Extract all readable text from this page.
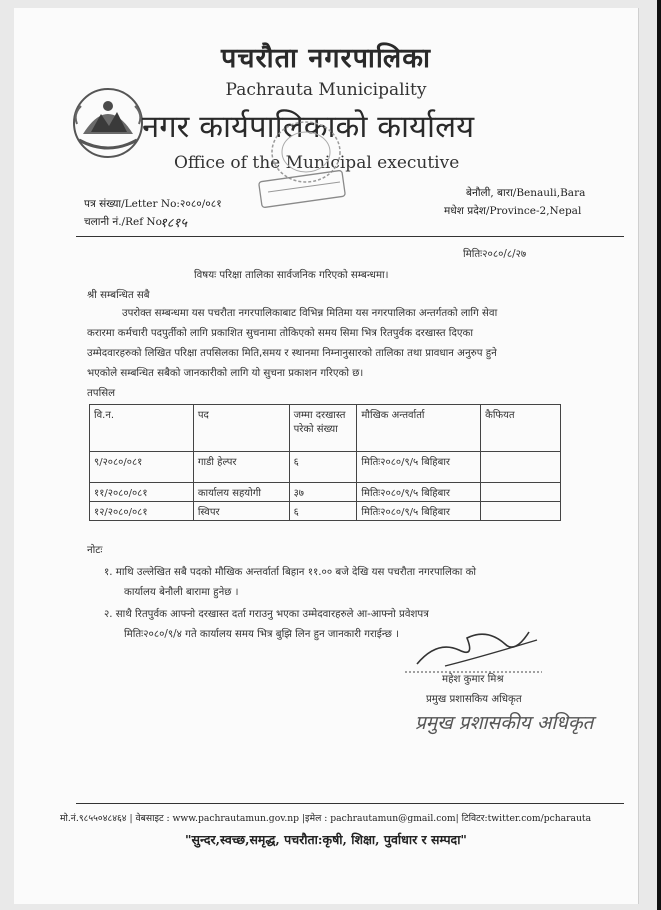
पचरौता नगरपालिका
Pachrauta Municipality
नगर कार्यपालिकाको कार्यालय
Office of the Municipal executive
पत्र संख्या/Letter No:२०८०/०८१
चलानी नं./Ref No:
१८१५
बेनौली, बारा/Benauli,Bara
मधेश प्रदेश/Province-2,Nepal
मितिः२०८०/८/२७
विषयः परिक्षा तालिका सार्वजनिक गरिएको सम्बन्धमा।
श्री सम्बन्धित सबै
उपरोक्त सम्बन्धमा यस पचरौता नगरपालिकाबाट विभिन्न मितिमा यस नगरपालिका अन्तर्गतको लागि सेवा
करारमा कर्मचारी पदपुर्तीको लागि प्रकाशित सुचनामा तोकिएको समय सिमा भित्र रितपुर्वक दरखास्त दिएका
उम्मेदवारहरुको लिखित परिक्षा तपसिलका मिति,समय र स्थानमा निम्नानुसारको तालिका तथा प्रावधान अनुरुप हुने
भएकोले सम्बन्धित सबैको जानकारीको लागि यो सुचना प्रकाशन गरिएको छ।
तपसिल
वि.न.	पद	जम्मा दरखास्त परेको संख्या	मौखिक अन्तर्वार्ता	कैफियत
९/२०८०/०८१	गाडी हेल्पर	६	मितिः२०८०/९/५ बिहिबार	
११/२०८०/०८१	कार्यालय सहयोगी	३७	मितिः२०८०/९/५ बिहिबार	
१२/२०८०/०८१	स्विपर	६	मितिः२०८०/९/५ बिहिबार	
नोटः
१. माथि उल्लेखित सबै पदको मौखिक अन्तर्वार्ता बिहान ११.०० बजे देखि यस पचरौता नगरपालिका को
कार्यालय बेनौली बारामा हुनेछ ।
२. साथै रितपुर्वक आफ्नो दरखास्त दर्ता गराउनु भएका उम्मेदवारहरुले आ-आफ्नो प्रवेशपत्र
मितिः२०८०/९/४ गते कार्यालय समय भित्र बुझि लिन हुन जानकारी गराईन्छ ।
महेश कुमार मिश्र
प्रमुख प्रशासकिय अधिकृत
प्रमुख प्रशासकीय अधिकृत
मो.नं.९८५५०४८४६४ | वेबसाइट : www.pachrautamun.gov.np |इमेल : pachrautamun@gmail.com| टिविटर:twitter.com/pcharauta
"सुन्दर,स्वच्छ,समृद्ध, पचरौता:कृषी, शिक्षा, पुर्वाधार र सम्पदा"
